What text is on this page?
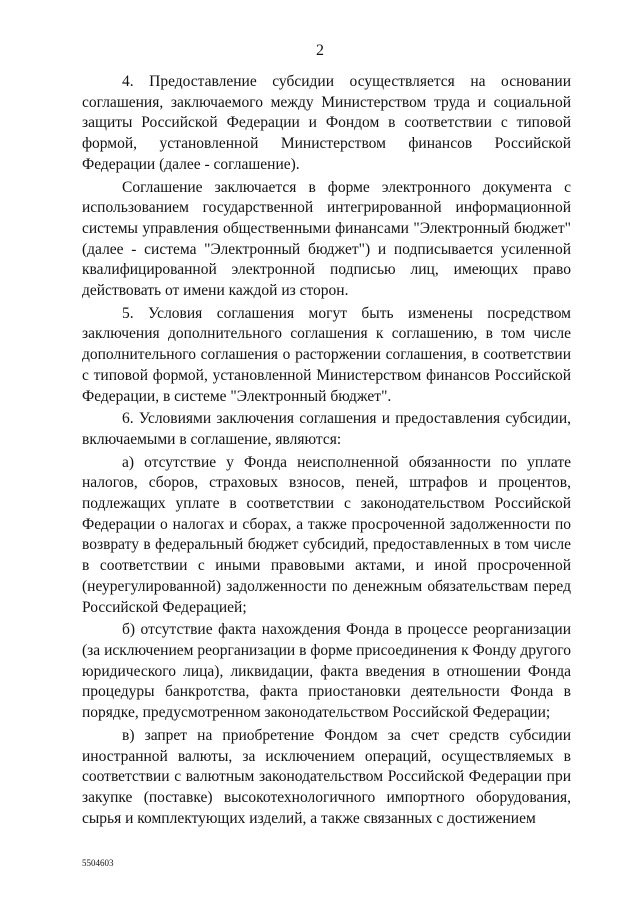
2

4. Предоставление субсидии осуществляется на основании соглашения, заключаемого между Министерством труда и социальной защиты Российской Федерации и Фондом в соответствии с типовой формой, установленной Министерством финансов Российской Федерации (далее - соглашение).

Соглашение заключается в форме электронного документа с использованием государственной интегрированной информационной системы управления общественными финансами "Электронный бюджет" (далее - система "Электронный бюджет") и подписывается усиленной квалифицированной электронной подписью лиц, имеющих право действовать от имени каждой из сторон.

5. Условия соглашения могут быть изменены посредством заключения дополнительного соглашения к соглашению, в том числе дополнительного соглашения о расторжении соглашения, в соответствии с типовой формой, установленной Министерством финансов Российской Федерации, в системе "Электронный бюджет".

6. Условиями заключения соглашения и предоставления субсидии, включаемыми в соглашение, являются:

а) отсутствие у Фонда неисполненной обязанности по уплате налогов, сборов, страховых взносов, пеней, штрафов и процентов, подлежащих уплате в соответствии с законодательством Российской Федерации о налогах и сборах, а также просроченной задолженности по возврату в федеральный бюджет субсидий, предоставленных в том числе в соответствии с иными правовыми актами, и иной просроченной (неурегулированной) задолженности по денежным обязательствам перед Российской Федерацией;

б) отсутствие факта нахождения Фонда в процессе реорганизации (за исключением реорганизации в форме присоединения к Фонду другого юридического лица), ликвидации, факта введения в отношении Фонда процедуры банкротства, факта приостановки деятельности Фонда в порядке, предусмотренном законодательством Российской Федерации;

в) запрет на приобретение Фондом за счет средств субсидии иностранной валюты, за исключением операций, осуществляемых в соответствии с валютным законодательством Российской Федерации при закупке (поставке) высокотехнологичного импортного оборудования, сырья и комплектующих изделий, а также связанных с достижением

5504603
